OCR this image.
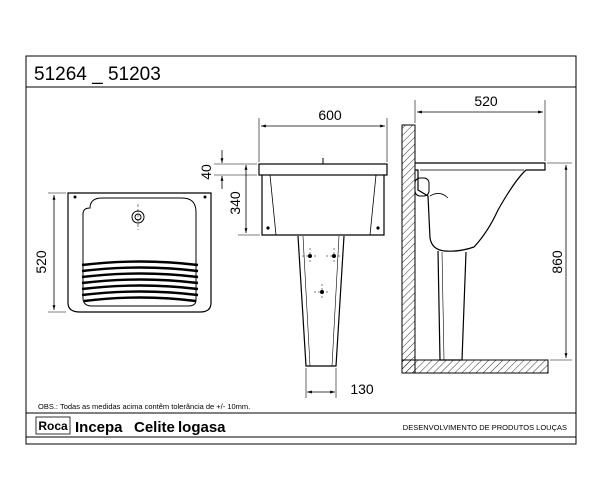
51264 _ 51203
520
600
40
340
130
520
860
OBS.: Todas as medidas acima contêm tolerância de +/- 10mm.
Roca Incepa Celite logasa	DESENVOLVIMENTO DE PRODUTOS LOUÇAS
